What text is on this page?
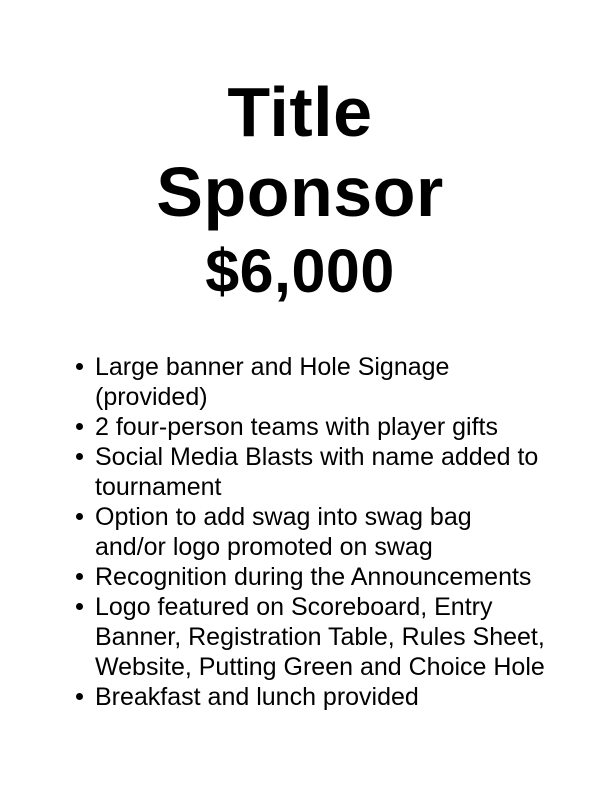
Title
Sponsor
$6,000
Large banner and Hole Signage
(provided)
2 four-person teams with player gifts
Social Media Blasts with name added to
tournament
Option to add swag into swag bag
and/or logo promoted on swag
Recognition during the Announcements
Logo featured on Scoreboard, Entry
Banner, Registration Table, Rules Sheet,
Website, Putting Green and Choice Hole
Breakfast and lunch provided
